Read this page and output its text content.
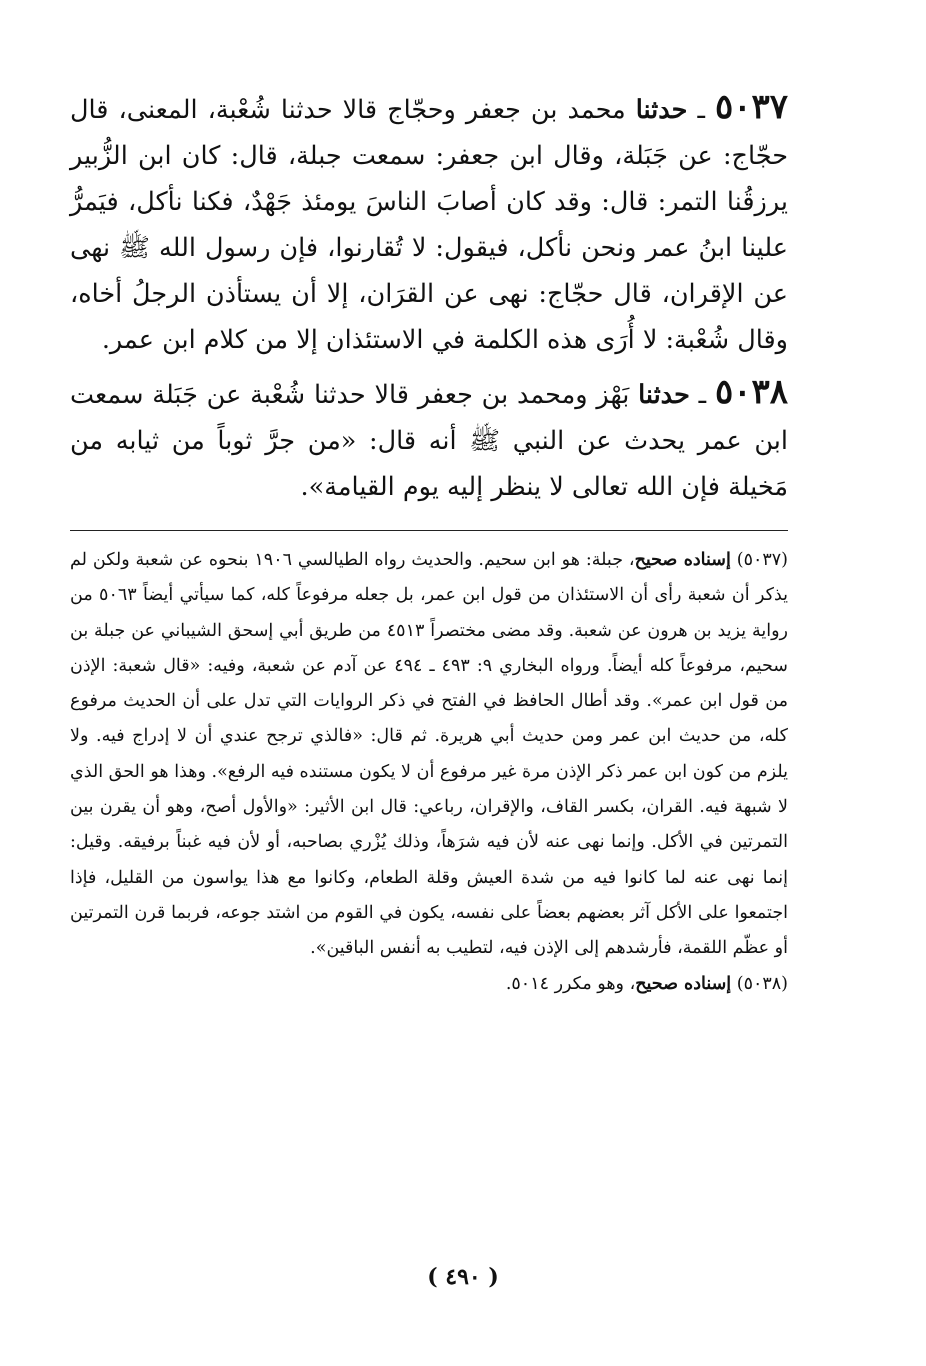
٥٠٣٧ ـ حدثنا محمد بن جعفر وحجّاج قالا حدثنا شُعْبة، المعنى، قال حجّاج: عن جَبَلة، وقال ابن جعفر: سمعت جبلة، قال: كان ابن الزُّبير يرزقُنا التمر: قال: وقد كان أصابَ الناسَ يومئذ جَهْدٌ، فكنا نأكل، فيَمرُّ علينا ابنُ عمر ونحن نأكل، فيقول: لا تُقارنوا، فإن رسول الله ﷺ نهى عن الإقران، قال حجّاج: نهى عن القرَان، إلا أن يستأذن الرجلُ أخاه، وقال شُعْبة: لا أُرَى هذه الكلمة في الاستئذان إلا من كلام ابن عمر.

٥٠٣٨ ـ حدثنا بَهْز ومحمد بن جعفر قالا حدثنا شُعْبة عن جَبَلة سمعت ابن عمر يحدث عن النبي ﷺ أنه قال: «من جرَّ ثوباً من ثيابه من مَخيلة فإن الله تعالى لا ينظر إليه يوم القيامة».

(٥٠٣٧) إسناده صحيح، جبلة: هو ابن سحيم. والحديث رواه الطيالسي ١٩٠٦ بنحوه عن شعبة ولكن لم يذكر أن شعبة رأى أن الاستئذان من قول ابن عمر، بل جعله مرفوعاً كله، كما سيأتي أيضاً ٥٠٦٣ من رواية يزيد بن هرون عن شعبة. وقد مضى مختصراً ٤٥١٣ من طريق أبي إسحق الشيباني عن جبلة بن سحيم، مرفوعاً كله أيضاً. ورواه البخاري ٩: ٤٩٣ ـ ٤٩٤ عن آدم عن شعبة، وفيه: «قال شعبة: الإذن من قول ابن عمر». وقد أطال الحافظ في الفتح في ذكر الروايات التي تدل على أن الحديث مرفوع كله، من حديث ابن عمر ومن حديث أبي هريرة. ثم قال: «فالذي ترجح عندي أن لا إدراج فيه. ولا يلزم من كون ابن عمر ذكر الإذن مرة غير مرفوع أن لا يكون مستنده فيه الرفع». وهذا هو الحق الذي لا شبهة فيه. القران، بكسر القاف، والإقران، رباعي: قال ابن الأثير: «والأول أصح، وهو أن يقرن بين التمرتين في الأكل. وإنما نهى عنه لأن فيه شرَهاً، وذلك يُزْري بصاحبه، أو لأن فيه غبناً برفيقه. وقيل: إنما نهى عنه لما كانوا فيه من شدة العيش وقلة الطعام، وكانوا مع هذا يواسون من القليل، فإذا اجتمعوا على الأكل آثر بعضهم بعضاً على نفسه، يكون في القوم من اشتد جوعه، فربما قرن التمرتين أو عظّم اللقمة، فأرشدهم إلى الإذن فيه، لتطيب به أنفس الباقين».

(٥٠٣٨) إسناده صحيح، وهو مكرر ٥٠١٤.

( ٤٩٠ )
